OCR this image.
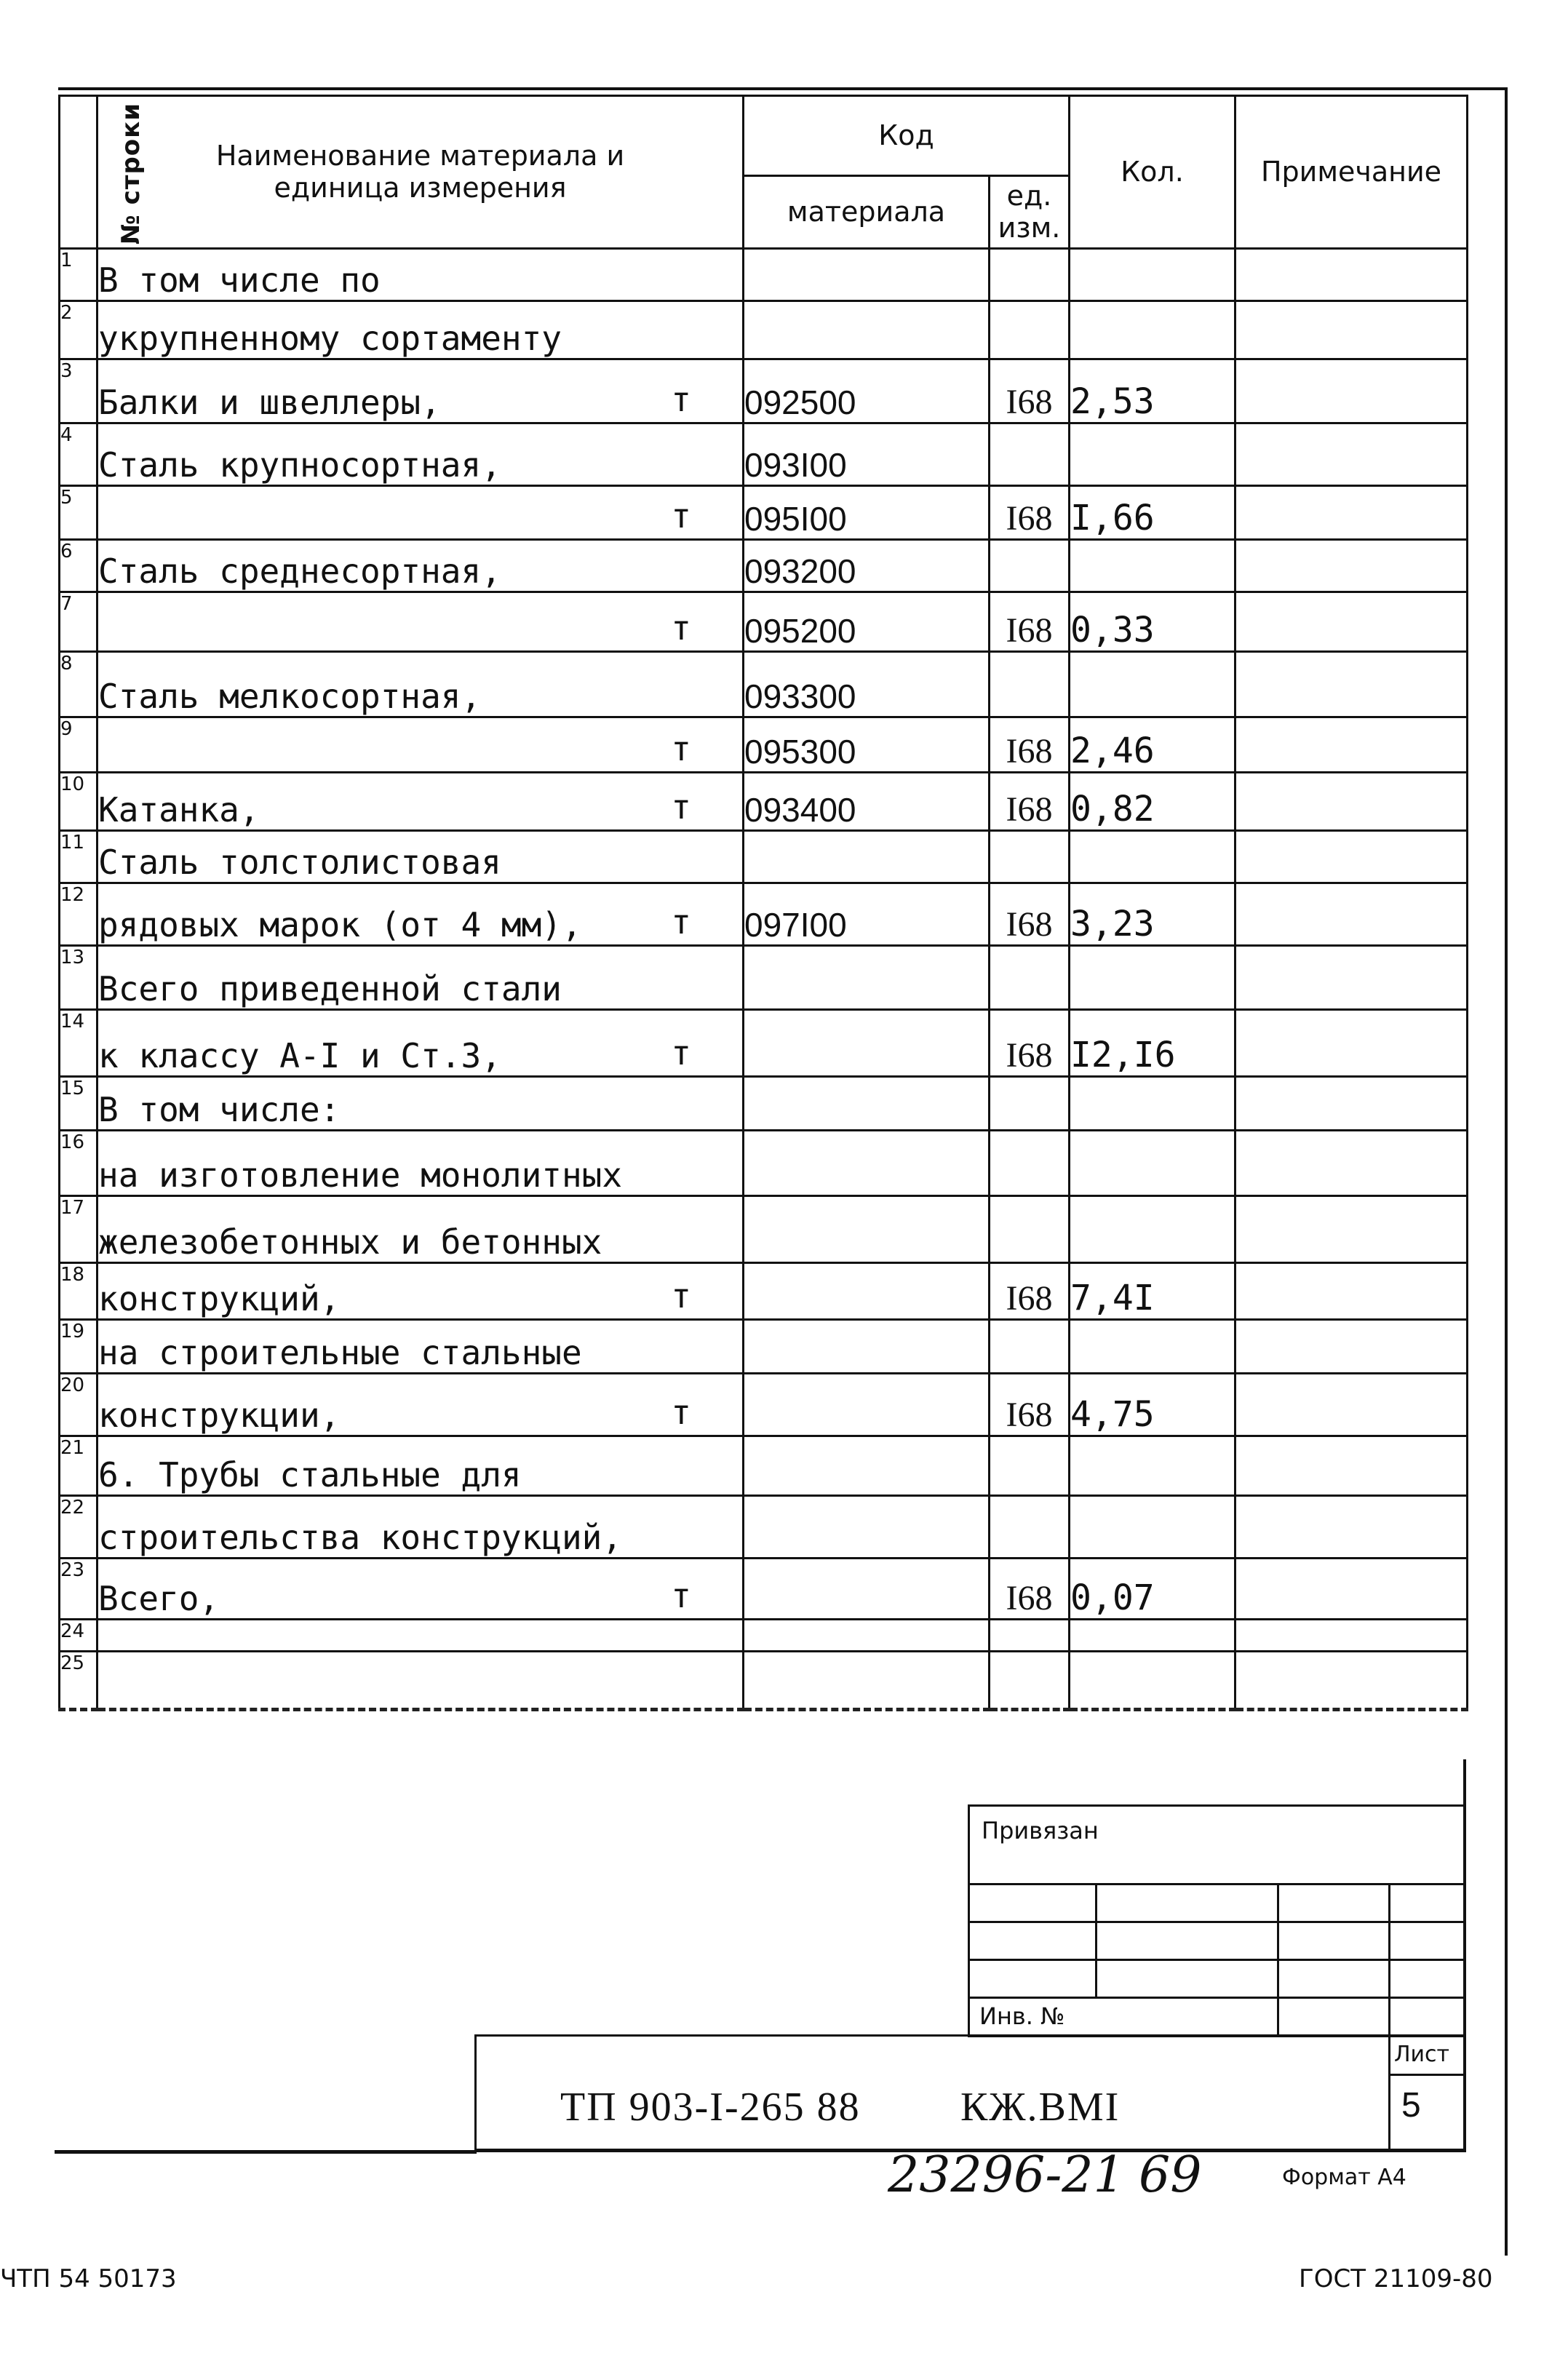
№ строки	Наименование материала и единица измерения	Код		Кол.	Примечание
		материала	ед. изм.		
1	В том числе по				

2	укрупненному сортаменту				

3	Балки и швеллеры, т	092500	I68	2,53	
4	Сталь крупносортная,	093I00			
5	т	095I00	I68	I,66	
6	Сталь среднесортная,	093200			
7	т	095200	I68	0,33	
8	Сталь мелкосортная,	093300			
9	т	095300	I68	2,46	
10	Катанка, т	093400	I68	0,82	
11	Сталь толстолистовая				

12	рядовых марок (от 4 мм), т	097I00	I68	3,23	
13	Всего приведенной стали				

14	к классу А-I и Ст.3, т		I68	I2,I6	
15	В том числе:				

16	на изготовление монолитных				

17	железобетонных и бетонных				

18	конструкций, т		I68	7,4I	
19	на строительные стальные				

20	конструкции, т		I68	4,75	
21	6. Трубы стальные для				

22	строительства конструкций,				

23	Всего, т		I68	0,07	
24	

25	

Привязан
Инв. №
Лист
5
ТП 903-I-265 88 КЖ.ВМI
23296-21 69	Формат А4
ЧТП 54 50173	ГОСТ 21109-80
